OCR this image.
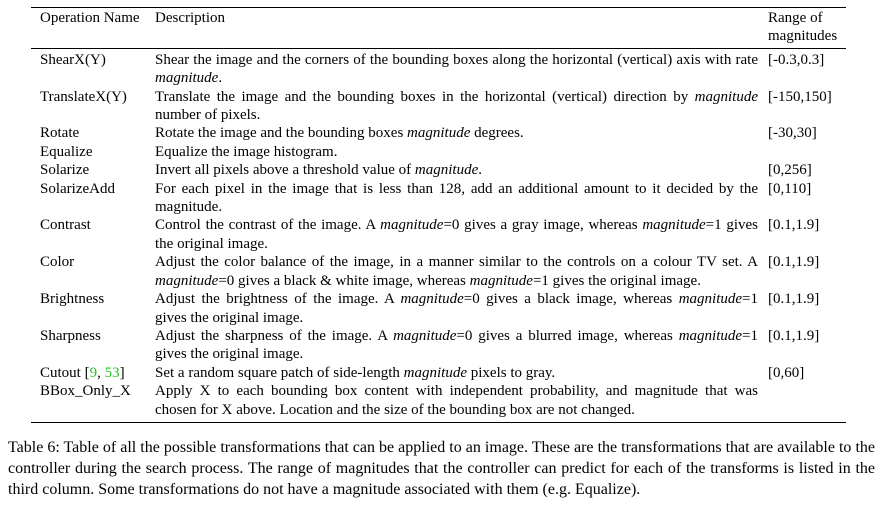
Operation Name	Description	Range of magnitudes
ShearX(Y)	Shear the image and the corners of the bounding boxes along the horizontal (vertical) axis with rate magnitude.	[-0.3,0.3]
TranslateX(Y)	Translate the image and the bounding boxes in the horizontal (vertical) direction by magnitude number of pixels.	[-150,150]
Rotate	Rotate the image and the bounding boxes magnitude degrees.	[-30,30]
Equalize	Equalize the image histogram.	
Solarize	Invert all pixels above a threshold value of magnitude.	[0,256]
SolarizeAdd	For each pixel in the image that is less than 128, add an additional amount to it decided by the magnitude.	[0,110]
Contrast	Control the contrast of the image. A magnitude=0 gives a gray image, whereas magnitude=1 gives the original image.	[0.1,1.9]
Color	Adjust the color balance of the image, in a manner similar to the controls on a colour TV set. A magnitude=0 gives a black & white image, whereas magnitude=1 gives the original image.	[0.1,1.9]
Brightness	Adjust the brightness of the image. A magnitude=0 gives a black image, whereas magnitude=1 gives the original image.	[0.1,1.9]
Sharpness	Adjust the sharpness of the image. A magnitude=0 gives a blurred image, whereas magnitude=1 gives the original image.	[0.1,1.9]
Cutout [9, 53]	Set a random square patch of side-length magnitude pixels to gray.	[0,60]
BBox_Only_X	Apply X to each bounding box content with independent probability, and magnitude that was chosen for X above. Location and the size of the bounding box are not changed.	

Table 6: Table of all the possible transformations that can be applied to an image. These are the transformations that are available to the controller during the search process. The range of magnitudes that the controller can predict for each of the transforms is listed in the third column. Some transformations do not have a magnitude associated with them (e.g. Equalize).
